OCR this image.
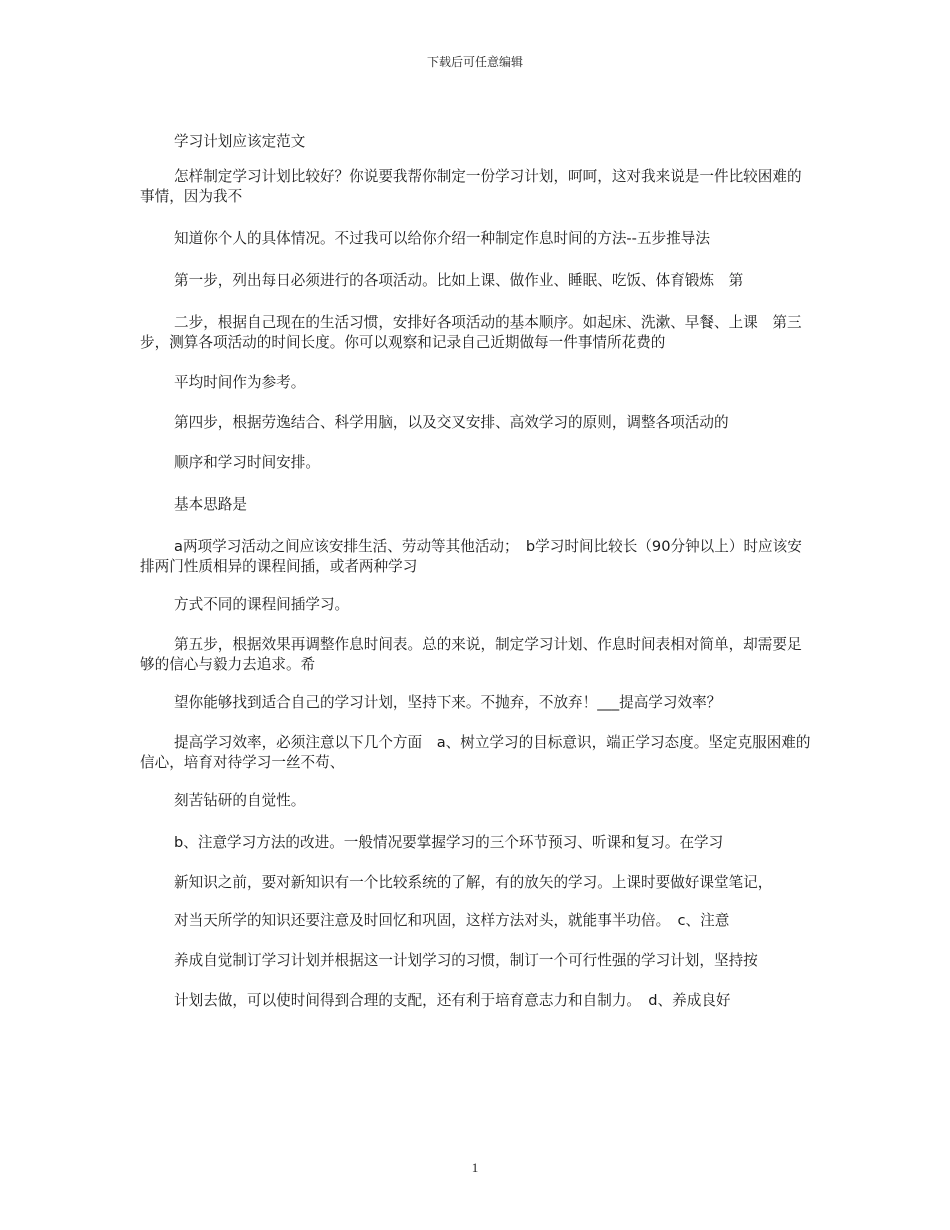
下载后可任意编辑

学习计划应该定范文

怎样制定学习计划比较好？你说要我帮你制定一份学习计划，呵呵，这对我来说是一件比较困难的事情，因为我不

知道你个人的具体情况。不过我可以给你介绍一种制定作息时间的方法--五步推导法

第一步，列出每日必须进行的各项活动。比如上课、做作业、睡眠、吃饭、体育锻炼　第

二步，根据自己现在的生活习惯，安排好各项活动的基本顺序。如起床、洗漱、早餐、上课　第三步，测算各项活动的时间长度。你可以观察和记录自己近期做每一件事情所花费的

平均时间作为参考。

第四步，根据劳逸结合、科学用脑，以及交叉安排、高效学习的原则，调整各项活动的

顺序和学习时间安排。

基本思路是

a两项学习活动之间应该安排生活、劳动等其他活动；　b学习时间比较长（90分钟以上）时应该安排两门性质相异的课程间插，或者两种学习

方式不同的课程间插学习。

第五步，根据效果再调整作息时间表。总的来说，制定学习计划、作息时间表相对简单，却需要足够的信心与毅力去追求。希

望你能够找到适合自己的学习计划，坚持下来。不抛弃，不放弃！___提高学习效率？

提高学习效率，必须注意以下几个方面　a、树立学习的目标意识，端正学习态度。坚定克服困难的信心，培育对待学习一丝不苟、

刻苦钻研的自觉性。

b、注意学习方法的改进。一般情况要掌握学习的三个环节预习、听课和复习。在学习

新知识之前，要对新知识有一个比较系统的了解，有的放矢的学习。上课时要做好课堂笔记，

对当天所学的知识还要注意及时回忆和巩固，这样方法对头，就能事半功倍。　c、注意

养成自觉制订学习计划并根据这一计划学习的习惯，制订一个可行性强的学习计划，坚持按

计划去做，可以使时间得到合理的支配，还有利于培育意志力和自制力。　d、养成良好

1
